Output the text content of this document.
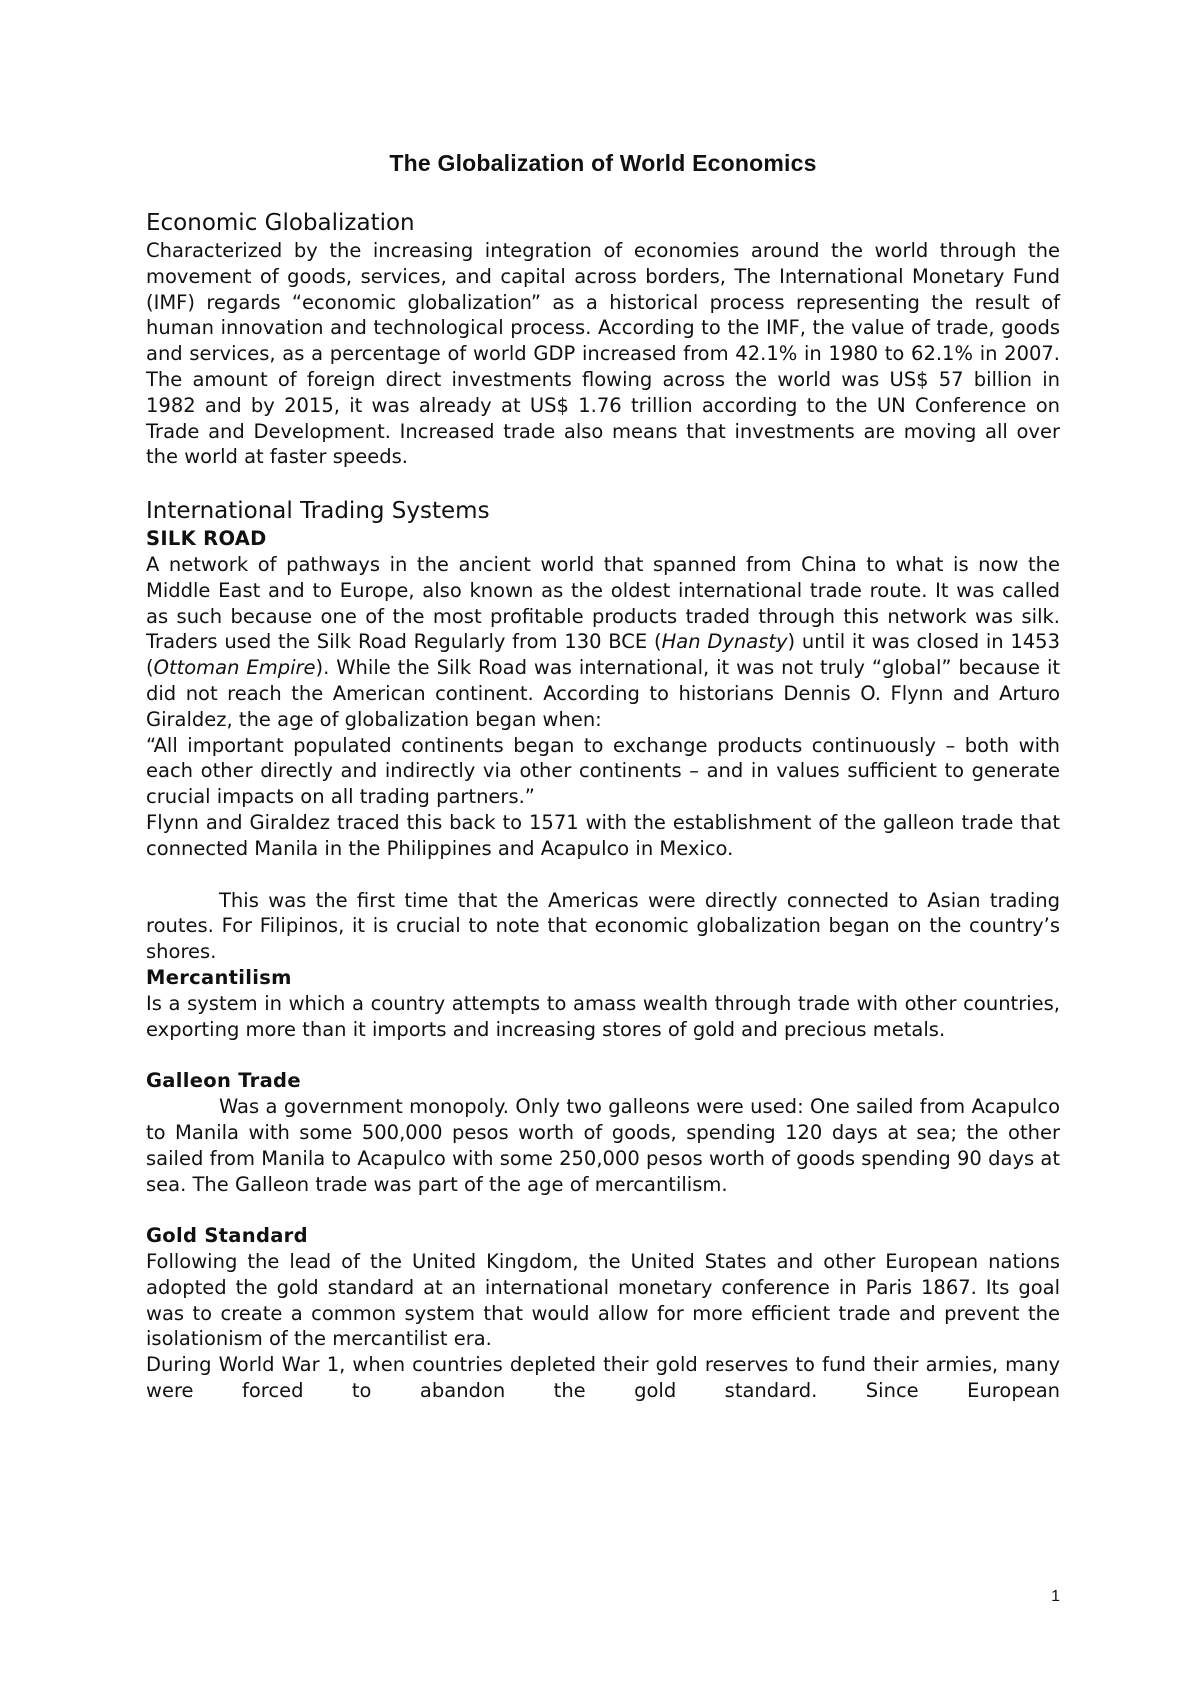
The Globalization of World Economics
Economic Globalization

Characterized by the increasing integration of economies around the world through the movement of goods, services, and capital across borders, The International Monetary Fund (IMF) regards “economic globalization” as a historical process representing the result of human innovation and technological process. According to the IMF, the value of trade, goods and services, as a percentage of world GDP increased from 42.1% in 1980 to 62.1% in 2007. The amount of foreign direct investments flowing across the world was US$ 57 billion in 1982 and by 2015, it was already at US$ 1.76 trillion according to the UN Conference on Trade and Development. Increased trade also means that investments are moving all over the world at faster speeds.

International Trading Systems
SILK ROAD

A network of pathways in the ancient world that spanned from China to what is now the Middle East and to Europe, also known as the oldest international trade route. It was called as such because one of the most profitable products traded through this network was silk. Traders used the Silk Road Regularly from 130 BCE (Han Dynasty) until it was closed in 1453 (Ottoman Empire). While the Silk Road was international, it was not truly “global” because it did not reach the American continent. According to historians Dennis O. Flynn and Arturo Giraldez, the age of globalization began when:

“All important populated continents began to exchange products continuously – both with each other directly and indirectly via other continents – and in values sufficient to generate crucial impacts on all trading partners.”

Flynn and Giraldez traced this back to 1571 with the establishment of the galleon trade that connected Manila in the Philippines and Acapulco in Mexico.

This was the first time that the Americas were directly connected to Asian trading routes. For Filipinos, it is crucial to note that economic globalization began on the country’s shores.

Mercantilism

Is a system in which a country attempts to amass wealth through trade with other countries, exporting more than it imports and increasing stores of gold and precious metals.

Galleon Trade

Was a government monopoly. Only two galleons were used: One sailed from Acapulco to Manila with some 500,000 pesos worth of goods, spending 120 days at sea; the other sailed from Manila to Acapulco with some 250,000 pesos worth of goods spending 90 days at sea. The Galleon trade was part of the age of mercantilism.

Gold Standard

Following the lead of the United Kingdom, the United States and other European nations adopted the gold standard at an international monetary conference in Paris 1867. Its goal was to create a common system that would allow for more efficient trade and prevent the isolationism of the mercantilist era.

During World War 1, when countries depleted their gold reserves to fund their armies, many were forced to abandon the gold standard. Since European

1
